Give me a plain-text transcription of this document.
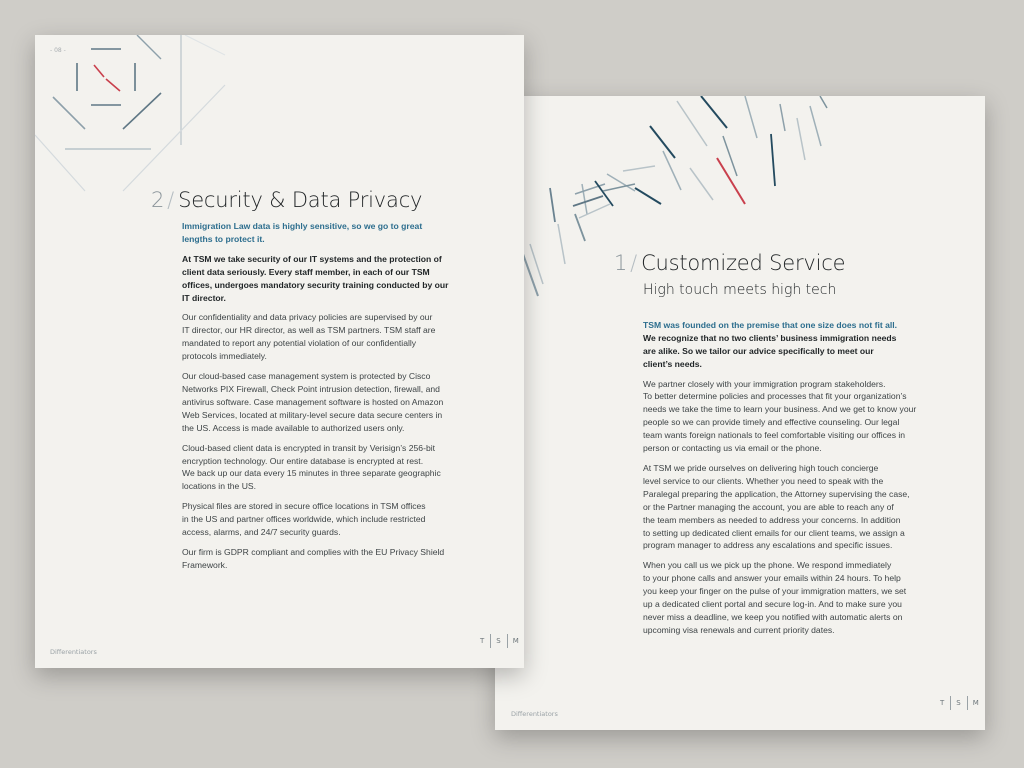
1 / Customized Service
High touch meets high tech

TSM was founded on the premise that one size does not fit all.

We recognize that no two clients’ business immigration needs
are alike. So we tailor our advice specifically to meet our
client’s needs.

We partner closely with your immigration program stakeholders.
To better determine policies and processes that fit your organization’s
needs we take the time to learn your business. And we get to know your
people so we can provide timely and effective counseling. Our legal
team wants foreign nationals to feel comfortable visiting our offices in
person or contacting us via email or the phone.

At TSM we pride ourselves on delivering high touch concierge
level service to our clients. Whether you need to speak with the
Paralegal preparing the application, the Attorney supervising the case,
or the Partner managing the account, you are able to reach any of
the team members as needed to address your concerns. In addition
to setting up dedicated client emails for our client teams, we assign a
program manager to address any escalations and specific issues.

When you call us we pick up the phone. We respond immediately
to your phone calls and answer your emails within 24 hours. To help
you keep your finger on the pulse of your immigration matters, we set
up a dedicated client portal and secure log-in. And to make sure you
never miss a deadline, we keep you notified with automatic alerts on
upcoming visa renewals and current priority dates.

Differentiators
T	S	M
- 08 -
2 / Security & Data Privacy

Immigration Law data is highly sensitive, so we go to great
lengths to protect it.

At TSM we take security of our IT systems and the protection of
client data seriously. Every staff member, in each of our TSM
offices, undergoes mandatory security training conducted by our
IT director.

Our confidentiality and data privacy policies are supervised by our
IT director, our HR director, as well as TSM partners. TSM staff are
mandated to report any potential violation of our confidentially
protocols immediately.

Our cloud-based case management system is protected by Cisco
Networks PIX Firewall, Check Point intrusion detection, firewall, and
antivirus software. Case management software is hosted on Amazon
Web Services, located at military-level secure data secure centers in
the US. Access is made available to authorized users only.

Cloud-based client data is encrypted in transit by Verisign’s 256-bit
encryption technology. Our entire database is encrypted at rest.
We back up our data every 15 minutes in three separate geographic
locations in the US.

Physical files are stored in secure office locations in TSM offices
in the US and partner offices worldwide, which include restricted
access, alarms, and 24/7 security guards.

Our firm is GDPR compliant and complies with the EU Privacy Shield
Framework.

Differentiators
T	S	M
